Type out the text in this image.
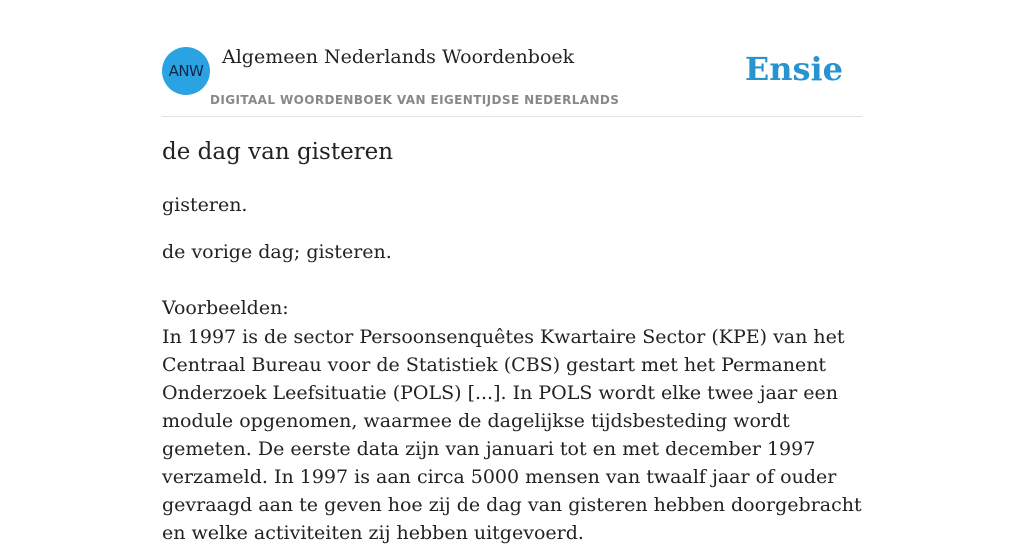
ANW
Algemeen Nederlands Woordenboek
DIGITAAL WOORDENBOEK VAN EIGENTIJDSE NEDERLANDS
Ensie
de dag van gisteren
gisteren.
de vorige dag; gisteren.
Voorbeelden:
In 1997 is de sector Persoonsenquêtes Kwartaire Sector (KPE) van het Centraal Bureau voor de Statistiek (CBS) gestart met het Permanent Onderzoek Leefsituatie (POLS) [...]. In POLS wordt elke twee jaar een module opgenomen, waarmee de dagelijkse tijdsbesteding wordt gemeten. De eerste data zijn van januari tot en met december 1997 verzameld. In 1997 is aan circa 5000 mensen van twaalf jaar of ouder gevraagd aan te geven hoe zij de dag van gisteren hebben doorgebracht en welke activiteiten zij hebben uitgevoerd.
